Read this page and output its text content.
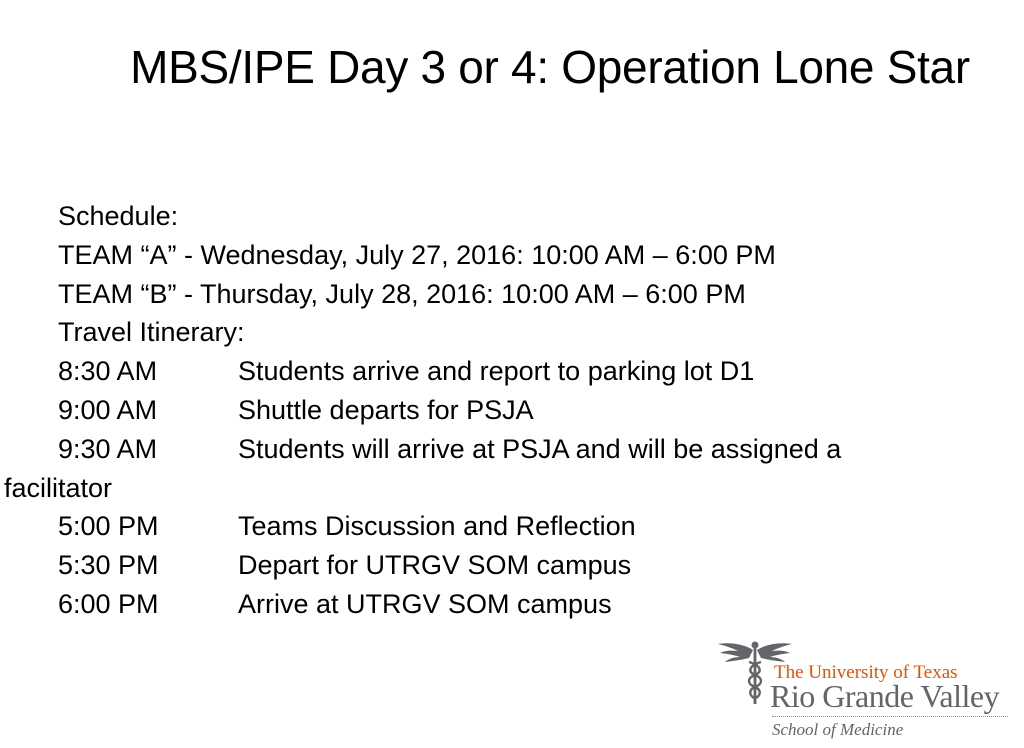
MBS/IPE Day 3 or 4: Operation Lone Star
Schedule:
TEAM “A” - Wednesday, July 27, 2016: 10:00 AM – 6:00 PM
TEAM “B” - Thursday, July 28, 2016: 10:00 AM – 6:00 PM
Travel Itinerary:
8:30 AM	Students arrive and report to parking lot D1
9:00 AM	Shuttle departs for PSJA
9:30 AM	Students will arrive at PSJA and will be assigned a
facilitator
5:00 PM	Teams Discussion and Reflection
5:30 PM	Depart for UTRGV SOM campus
6:00 PM	Arrive at UTRGV SOM campus
The University of Texas
Rio Grande Valley
School of Medicine
